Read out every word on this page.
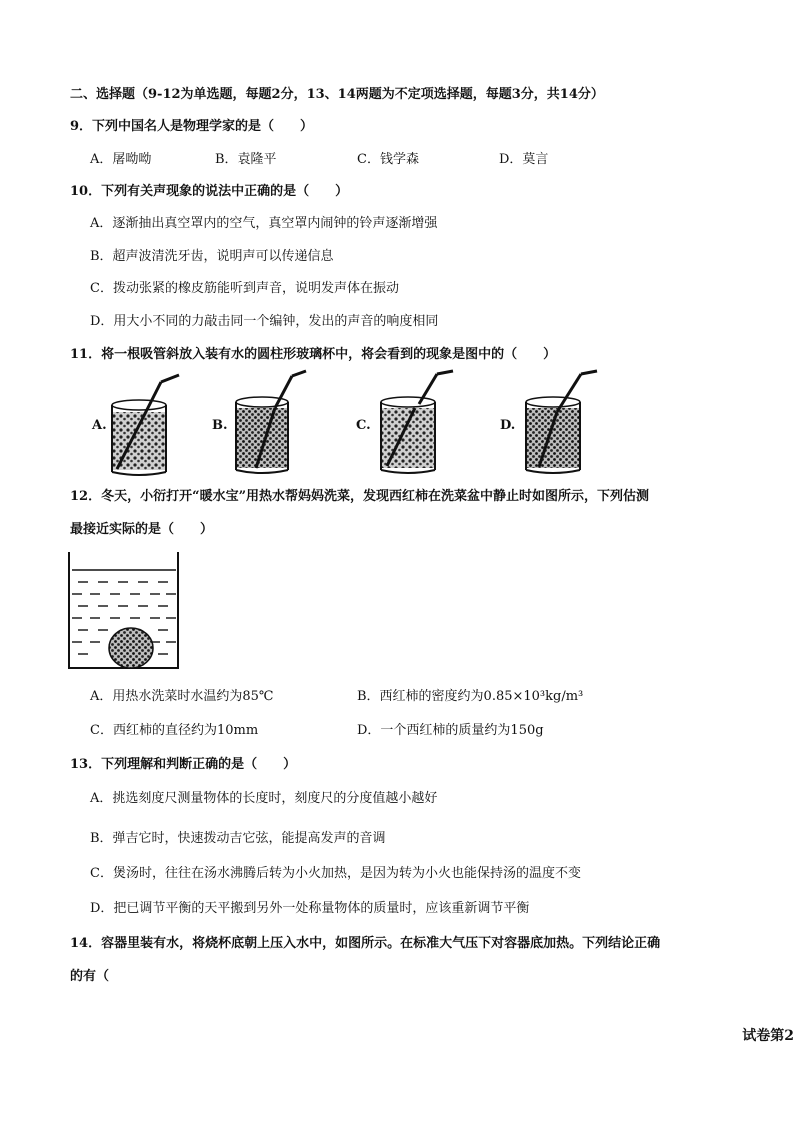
二、选择题（9-12为单选题，每题2分，13、14两题为不定项选择题，每题3分，共14分）
9．下列中国名人是物理学家的是（　　）
A．屠呦呦	B．袁隆平	C．钱学森	D．莫言
10．下列有关声现象的说法中正确的是（　　）
A．逐渐抽出真空罩内的空气，真空罩内闹钟的铃声逐渐增强
B．超声波清洗牙齿，说明声可以传递信息
C．拨动张紧的橡皮筋能听到声音，说明发声体在振动
D．用大小不同的力敲击同一个编钟，发出的声音的响度相同
11．将一根吸管斜放入装有水的圆柱形玻璃杯中，将会看到的现象是图中的（　　）
A.	B.	C.	D.
12．冬天，小衍打开“暖水宝”用热水帮妈妈洗菜，发现西红柿在洗菜盆中静止时如图所示，下列估测
最接近实际的是（　　）
A．用热水洗菜时水温约为85℃	B．西红柿的密度约为0.85×10³kg/m³
C．西红柿的直径约为10mm	D．一个西红柿的质量约为150g
13．下列理解和判断正确的是（　　）
A．挑选刻度尺测量物体的长度时，刻度尺的分度值越小越好
B．弹吉它时，快速拨动吉它弦，能提高发声的音调
C．煲汤时，往往在汤水沸腾后转为小火加热，是因为转为小火也能保持汤的温度不变
D．把已调节平衡的天平搬到另外一处称量物体的质量时，应该重新调节平衡
14．容器里装有水，将烧杯底朝上压入水中，如图所示。在标准大气压下对容器底加热。下列结论正确
的有（
试卷第2
